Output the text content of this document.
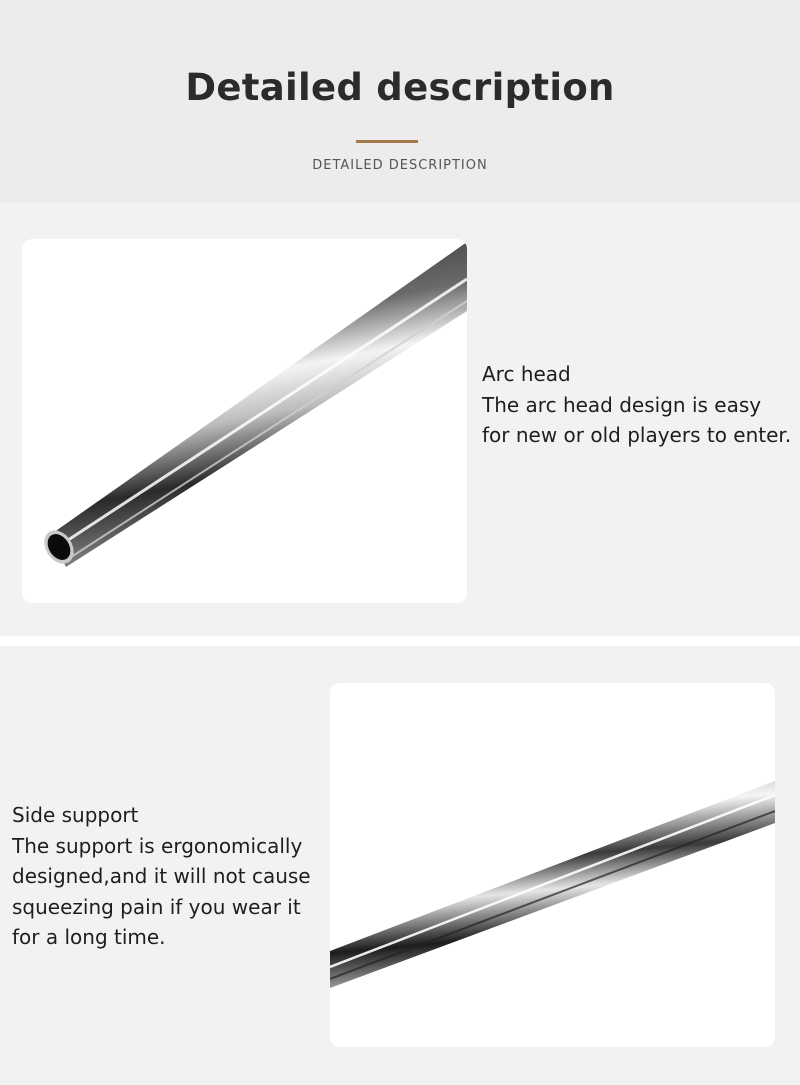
Detailed description
DETAILED DESCRIPTION

Arc head

The arc head design is easy for new or old players to enter.

Side support

The support is ergonomically designed,and it will not cause squeezing pain if you wear it for a long time.
